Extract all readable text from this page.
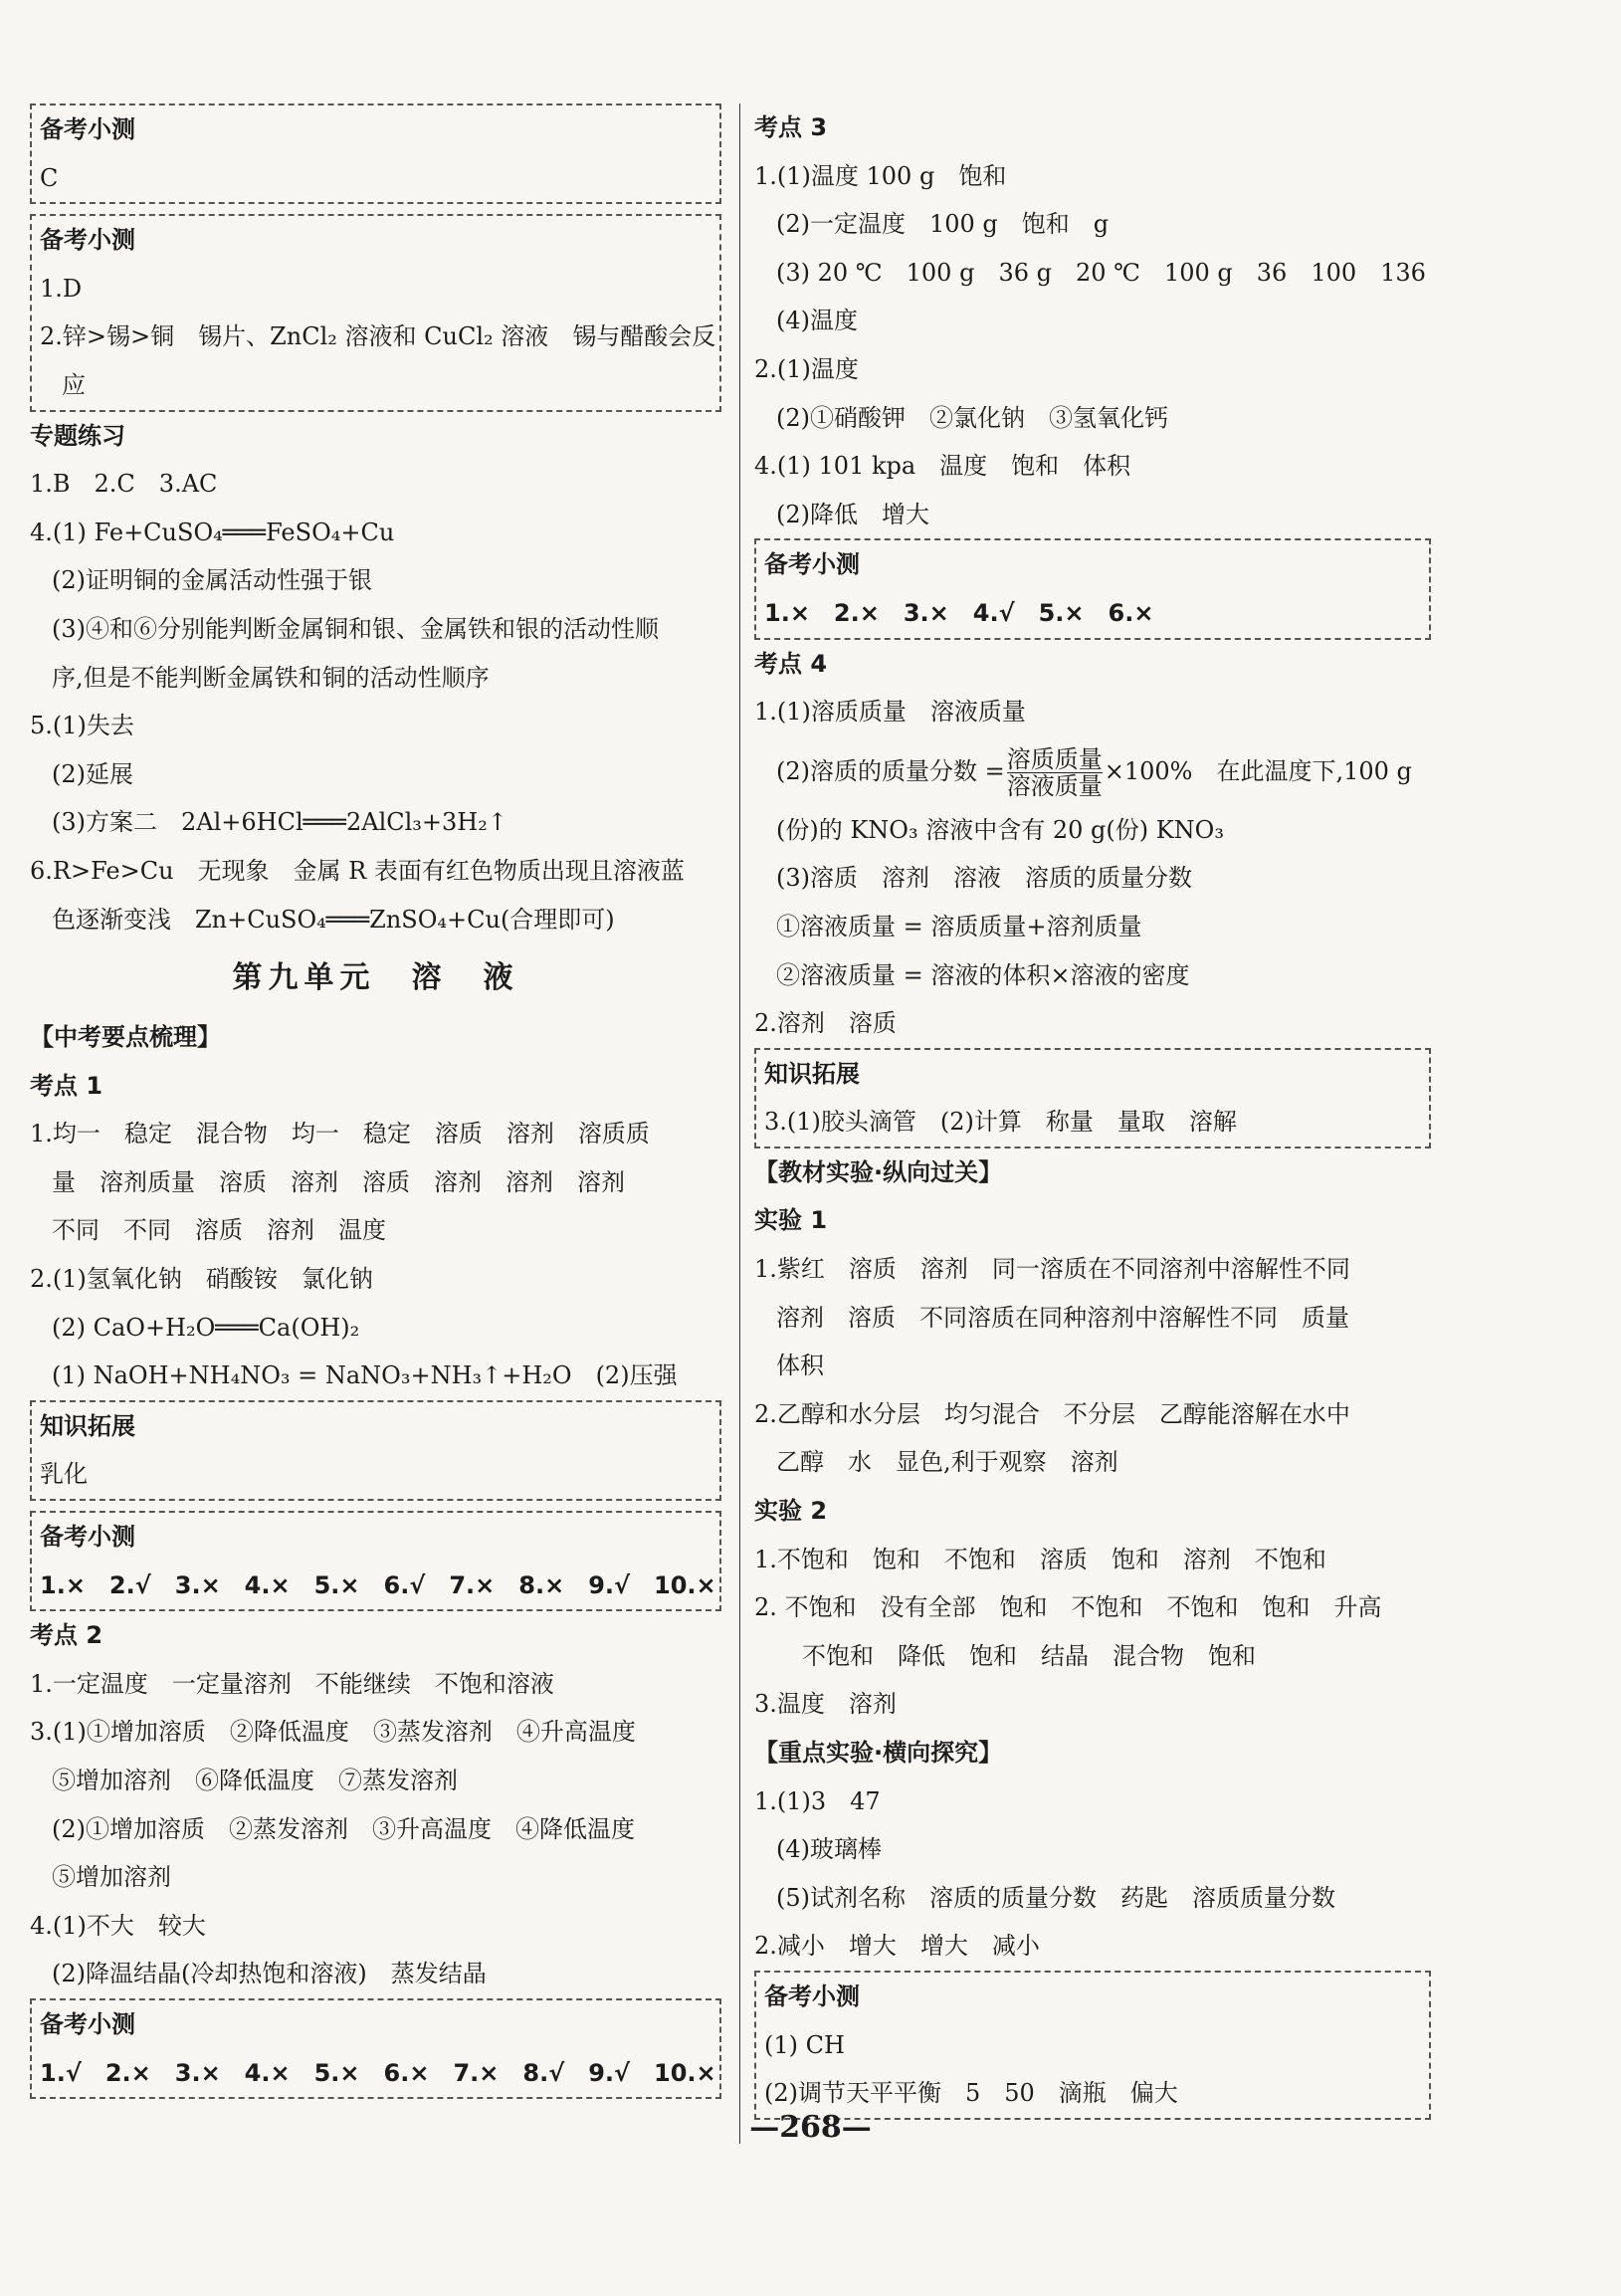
备考小测
C
备考小测
1.D
2.锌>锡>铜　锡片、ZnCl₂ 溶液和 CuCl₂ 溶液　锡与醋酸会反
应
专题练习
1.B　2.C　3.AC
4.(1) Fe+CuSO₄═══FeSO₄+Cu
(2)证明铜的金属活动性强于银
(3)④和⑥分别能判断金属铜和银、金属铁和银的活动性顺
序,但是不能判断金属铁和铜的活动性顺序
5.(1)失去
(2)延展
(3)方案二　2Al+6HCl═══2AlCl₃+3H₂↑
6.R>Fe>Cu　无现象　金属 R 表面有红色物质出现且溶液蓝
色逐渐变浅　Zn+CuSO₄═══ZnSO₄+Cu(合理即可)
第九单元　溶　液
【中考要点梳理】
考点 1
1.均一　稳定　混合物　均一　稳定　溶质　溶剂　溶质质
量　溶剂质量　溶质　溶剂　溶质　溶剂　溶剂　溶剂
不同　不同　溶质　溶剂　温度
2.(1)氢氧化钠　硝酸铵　氯化钠
(2) CaO+H₂O═══Ca(OH)₂
(1) NaOH+NH₄NO₃ = NaNO₃+NH₃↑+H₂O　(2)压强
知识拓展
乳化
备考小测
1.×　2.√　3.×　4.×　5.×　6.√　7.×　8.×　9.√　10.×
考点 2
1.一定温度　一定量溶剂　不能继续　不饱和溶液
3.(1)①增加溶质　②降低温度　③蒸发溶剂　④升高温度
⑤增加溶剂　⑥降低温度　⑦蒸发溶剂
(2)①增加溶质　②蒸发溶剂　③升高温度　④降低温度
⑤增加溶剂
4.(1)不大　较大
(2)降温结晶(冷却热饱和溶液)　蒸发结晶
备考小测
1.√　2.×　3.×　4.×　5.×　6.×　7.×　8.√　9.√　10.×
考点 3
1.(1)温度 100 g　饱和
(2)一定温度　100 g　饱和　g
(3) 20 ℃　100 g　36 g　20 ℃　100 g　36　100　136
(4)温度
2.(1)温度
(2)①硝酸钾　②氯化钠　③氢氧化钙
4.(1) 101 kpa　温度　饱和　体积
(2)降低　增大
备考小测
1.×　2.×　3.×　4.√　5.×　6.×
考点 4
1.(1)溶质质量　溶液质量
(2)溶质的质量分数 = $\frac{\text{溶质质量}}{\text{溶液质量}} \times 100\%$　在此温度下,100 g
(份)的 KNO₃ 溶液中含有 20 g(份) KNO₃
(3)溶质　溶剂　溶液　溶质的质量分数
①溶液质量 = 溶质质量+溶剂质量
②溶液质量 = 溶液的体积×溶液的密度
2.溶剂　溶质
知识拓展
3.(1)胶头滴管　(2)计算　称量　量取　溶解
【教材实验·纵向过关】
实验 1
1.紫红　溶质　溶剂　同一溶质在不同溶剂中溶解性不同
溶剂　溶质　不同溶质在同种溶剂中溶解性不同　质量
体积
2.乙醇和水分层　均匀混合　不分层　乙醇能溶解在水中
乙醇　水　显色,利于观察　溶剂
实验 2
1.不饱和　饱和　不饱和　溶质　饱和　溶剂　不饱和
2. 不饱和　没有全部　饱和　不饱和　不饱和　饱和　升高
不饱和　降低　饱和　结晶　混合物　饱和
3.温度　溶剂
【重点实验·横向探究】
1.(1)3　47
(4)玻璃棒
(5)试剂名称　溶质的质量分数　药匙　溶质质量分数
2.减小　增大　增大　减小
备考小测
(1) CH
(2)调节天平平衡　5　50　滴瓶　偏大
—268—
